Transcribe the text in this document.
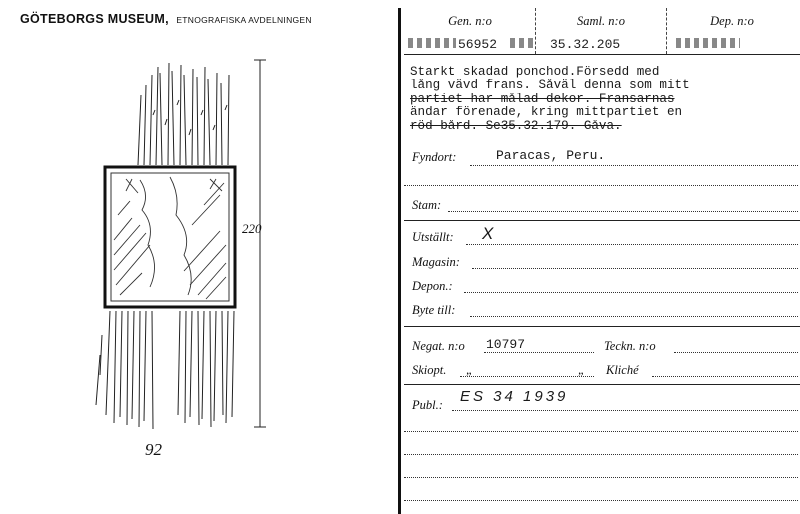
GÖTEBORGS MUSEUM, ETNOGRAFISKA AVDELNINGEN
220
92
Gen. n:o	Saml. n:o	Dep. n:o
56952	35.32.205
Starkt skadad ponchod.Försedd med
lång vävd frans. Såväl denna som mitt
partiet har målad dekor. Fransarnas
ändar förenade, kring mittpartiet en
röd bård. Se35.32.179. Gåva.
Fyndort:	Paracas, Peru.
Stam:
Utställt: X
Magasin:
Depon.:
Byte till:
Negat. n:o 10797	Teckn. n:o
Skiopt. „	„ Kliché
Publ.: ES 34 1939
